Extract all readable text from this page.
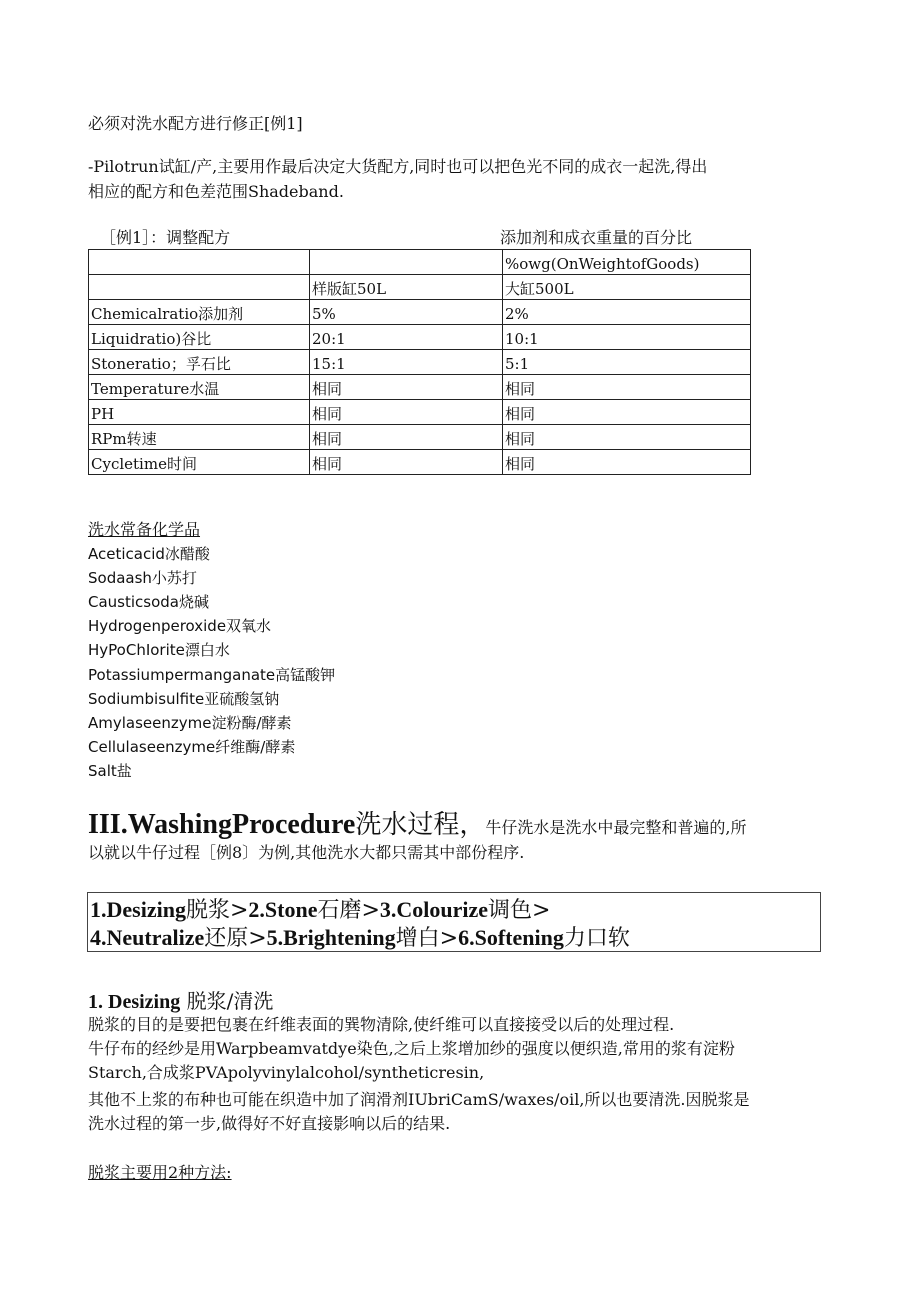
必须对洗水配方进行修正[例1]
-Pilotrun试缸/产,主要用作最后决定大货配方,同时也可以把色光不同的成衣一起洗,得出
相应的配方和色差范围Shadeband.
［例1］：调整配方	添加剂和成衣重量的百分比
		%owg(OnWeightofGoods)
	样版缸50L	大缸500L
Chemicalratio添加剂	5%	2%
Liquidratio)谷比	20:1	10:1
Stoneratio；孚石比	15:1	5:1
Temperature水温	相同	相同
PH	相同	相同
RPm转速	相同	相同
Cycletime时间	相同	相同
洗水常备化学品
Aceticacid冰醋酸
Sodaash小苏打
Causticsoda烧碱
Hydrogenperoxide双氧水
HyPoChIorite漂白水
Potassiumpermanganate高锰酸钾
Sodiumbisulfite亚硫酸氢钠
Amylaseenzyme淀粉酶/酵素
Cellulaseenzyme纤维酶/酵素
Salt盐
III.WashingProcedure洗水过程，牛仔洗水是洗水中最完整和普遍的,所
以就以牛仔过程［例8〕为例,其他洗水大都只需其中部份程序.
1.Desizing脱浆>2.Stone石磨>3.Colourize调色>
4.Neutralize还原>5.Brightening增白>6.Softening力口软
1. Desizing 脱浆/清洗
脱浆的目的是要把包裹在纤维表面的巽物清除,使纤维可以直接接受以后的处理过程.
牛仔布的经纱是用Warpbeamvatdye染色,之后上浆增加纱的强度以便织造,常用的浆有淀粉
Starch,合成浆PVApolyvinylalcohol/syntheticresin,
其他不上浆的布种也可能在织造中加了润滑剂IUbriCamS∕waxes∕oil,所以也要清洗.因脱浆是
洗水过程的第一步,做得好不好直接影响以后的结果.
脱浆主要用2种方法:
